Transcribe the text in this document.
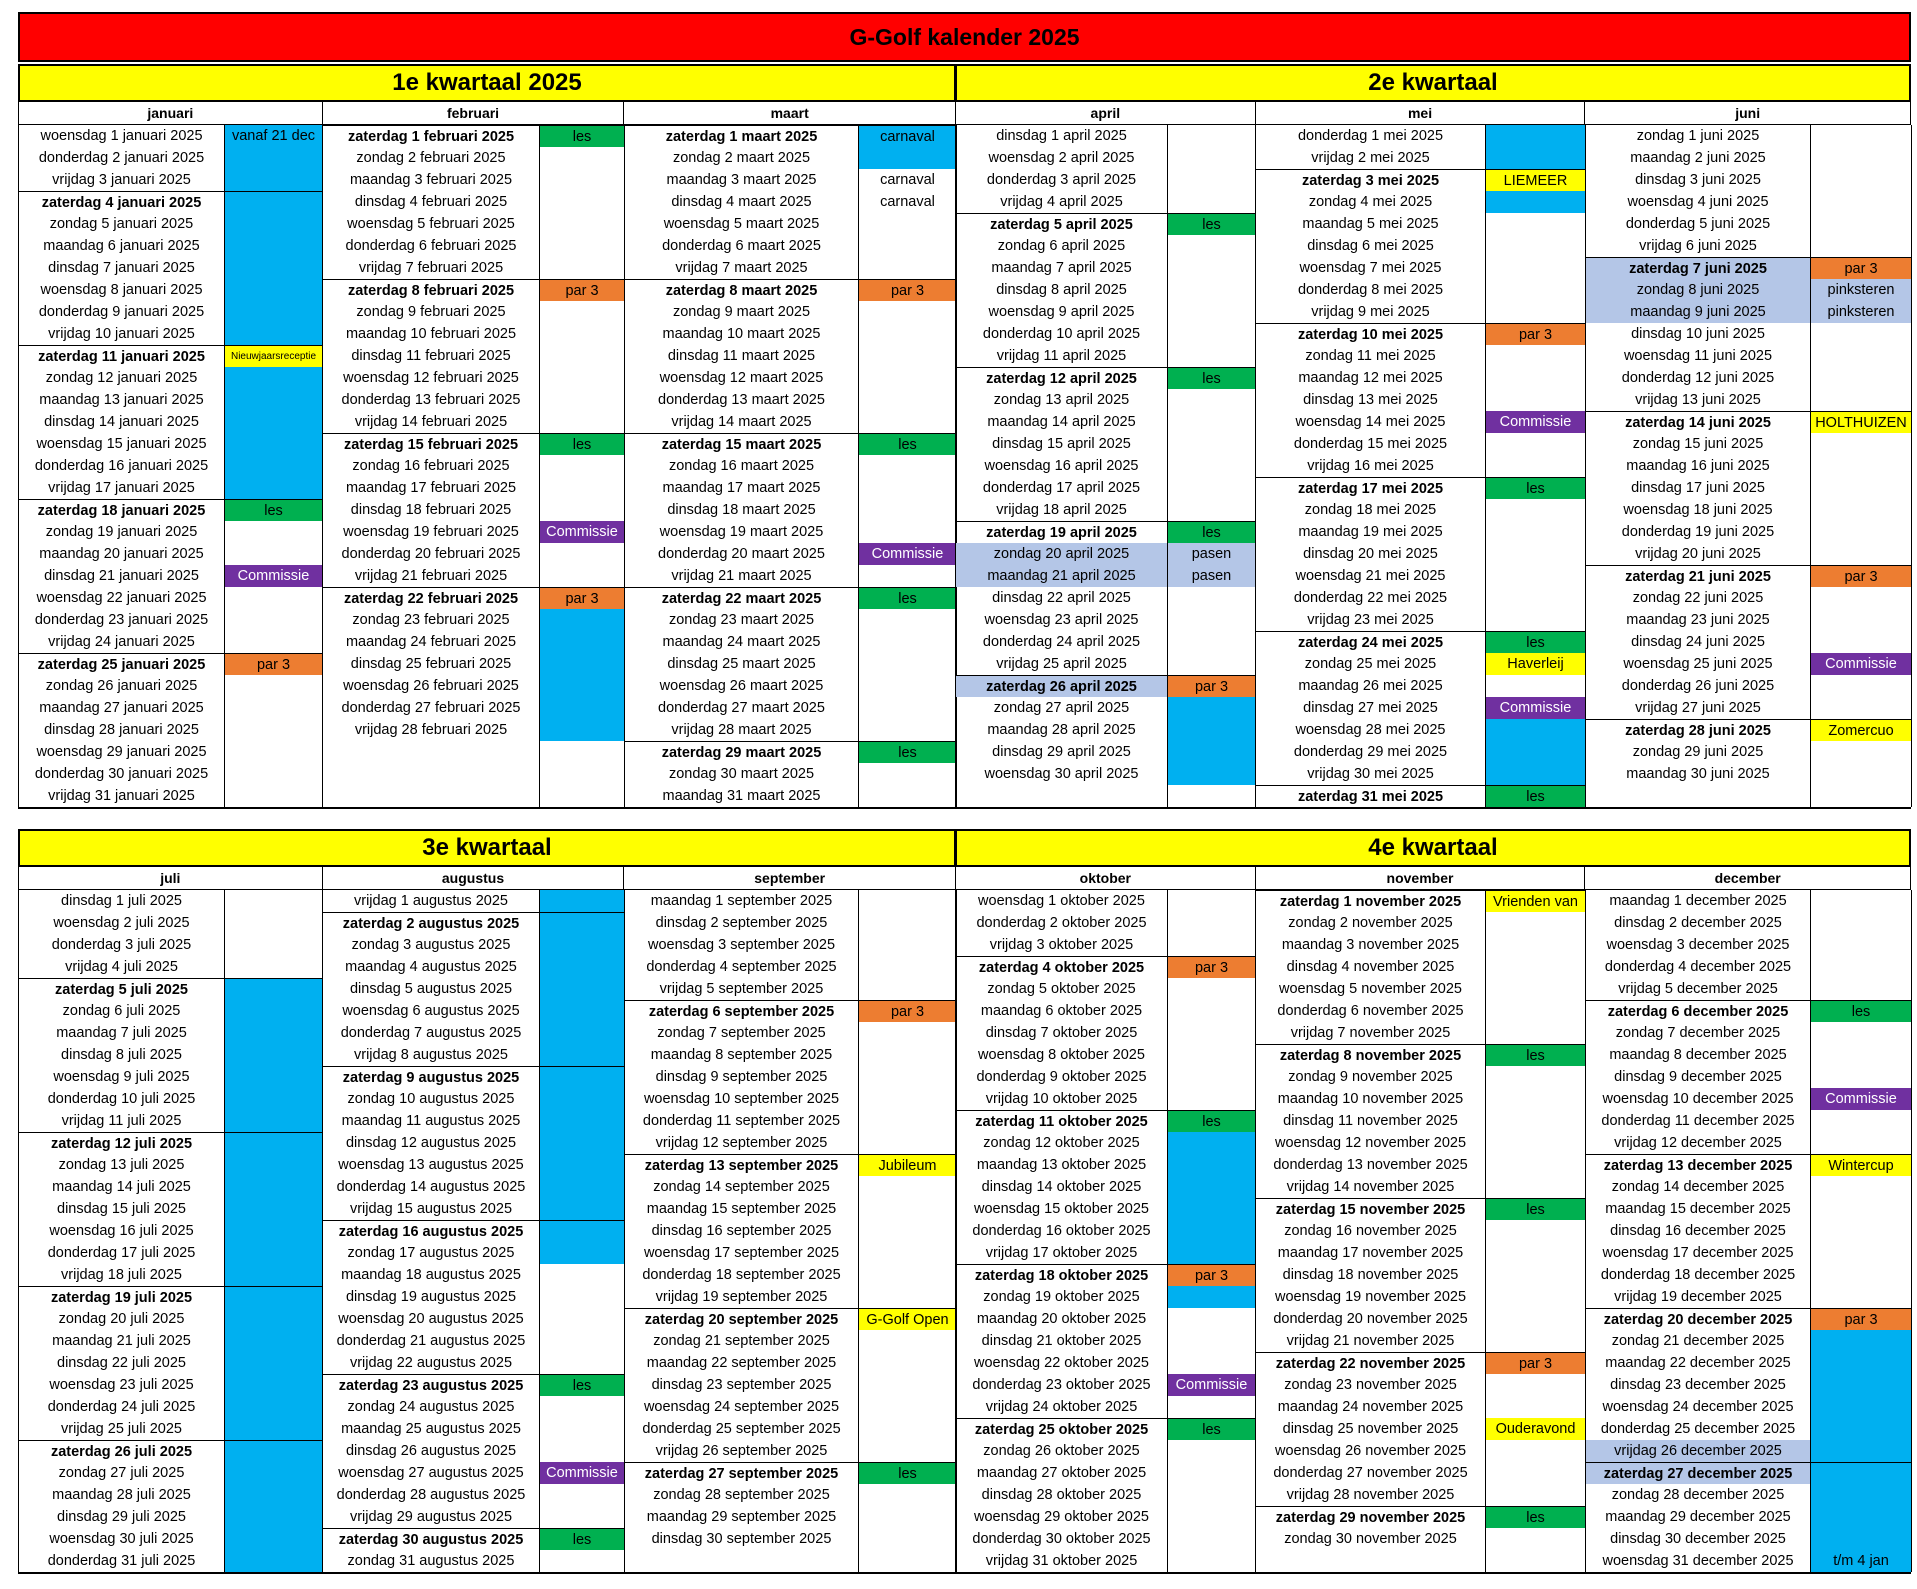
G-Golf kalender 2025
1e kwartaal 2025
januari	februari	maart
woensdag 1 januari 2025	vanaf 21 dec
donderdag 2 januari 2025
vrijdag 3 januari 2025
zaterdag 4 januari 2025
zondag 5 januari 2025
maandag 6 januari 2025
dinsdag 7 januari 2025
woensdag 8 januari 2025
donderdag 9 januari 2025
vrijdag 10 januari 2025
zaterdag 11 januari 2025	Nieuwjaarsreceptie
zondag 12 januari 2025
maandag 13 januari 2025
dinsdag 14 januari 2025
woensdag 15 januari 2025
donderdag 16 januari 2025
vrijdag 17 januari 2025
zaterdag 18 januari 2025	les
zondag 19 januari 2025
maandag 20 januari 2025
dinsdag 21 januari 2025	Commissie
woensdag 22 januari 2025
donderdag 23 januari 2025
vrijdag 24 januari 2025
zaterdag 25 januari 2025	par 3
zondag 26 januari 2025
maandag 27 januari 2025
dinsdag 28 januari 2025
woensdag 29 januari 2025
donderdag 30 januari 2025
vrijdag 31 januari 2025
zaterdag 1 februari 2025	les
zondag 2 februari 2025
maandag 3 februari 2025
dinsdag 4 februari 2025
woensdag 5 februari 2025
donderdag 6 februari 2025
vrijdag 7 februari 2025
zaterdag 8 februari 2025	par 3
zondag 9 februari 2025
maandag 10 februari 2025
dinsdag 11 februari 2025
woensdag 12 februari 2025
donderdag 13 februari 2025
vrijdag 14 februari 2025
zaterdag 15 februari 2025	les
zondag 16 februari 2025
maandag 17 februari 2025
dinsdag 18 februari 2025
woensdag 19 februari 2025	Commissie
donderdag 20 februari 2025
vrijdag 21 februari 2025
zaterdag 22 februari 2025	par 3
zondag 23 februari 2025
maandag 24 februari 2025
dinsdag 25 februari 2025
woensdag 26 februari 2025
donderdag 27 februari 2025
vrijdag 28 februari 2025
zaterdag 1 maart 2025	carnaval
zondag 2 maart 2025
maandag 3 maart 2025	carnaval
dinsdag 4 maart 2025	carnaval
woensdag 5 maart 2025
donderdag 6 maart 2025
vrijdag 7 maart 2025
zaterdag 8 maart 2025	par 3
zondag 9 maart 2025
maandag 10 maart 2025
dinsdag 11 maart 2025
woensdag 12 maart 2025
donderdag 13 maart 2025
vrijdag 14 maart 2025
zaterdag 15 maart 2025	les
zondag 16 maart 2025
maandag 17 maart 2025
dinsdag 18 maart 2025
woensdag 19 maart 2025
donderdag 20 maart 2025	Commissie
vrijdag 21 maart 2025
zaterdag 22 maart 2025	les
zondag 23 maart 2025
maandag 24 maart 2025
dinsdag 25 maart 2025
woensdag 26 maart 2025
donderdag 27 maart 2025
vrijdag 28 maart 2025
zaterdag 29 maart 2025	les
zondag 30 maart 2025
maandag 31 maart 2025
2e kwartaal
april	mei	juni
dinsdag 1 april 2025
woensdag 2 april 2025
donderdag 3 april 2025
vrijdag 4 april 2025
zaterdag 5 april 2025	les
zondag 6 april 2025
maandag 7 april 2025
dinsdag 8 april 2025
woensdag 9 april 2025
donderdag 10 april 2025
vrijdag 11 april 2025
zaterdag 12 april 2025	les
zondag 13 april 2025
maandag 14 april 2025
dinsdag 15 april 2025
woensdag 16 april 2025
donderdag 17 april 2025
vrijdag 18 april 2025
zaterdag 19 april 2025	les
zondag 20 april 2025	pasen
maandag 21 april 2025	pasen
dinsdag 22 april 2025
woensdag 23 april 2025
donderdag 24 april 2025
vrijdag 25 april 2025
zaterdag 26 april 2025	par 3
zondag 27 april 2025
maandag 28 april 2025
dinsdag 29 april 2025
woensdag 30 april 2025
donderdag 1 mei 2025
vrijdag 2 mei 2025
zaterdag 3 mei 2025	LIEMEER
zondag 4 mei 2025
maandag 5 mei 2025
dinsdag 6 mei 2025
woensdag 7 mei 2025
donderdag 8 mei 2025
vrijdag 9 mei 2025
zaterdag 10 mei 2025	par 3
zondag 11 mei 2025
maandag 12 mei 2025
dinsdag 13 mei 2025
woensdag 14 mei 2025	Commissie
donderdag 15 mei 2025
vrijdag 16 mei 2025
zaterdag 17 mei 2025	les
zondag 18 mei 2025
maandag 19 mei 2025
dinsdag 20 mei 2025
woensdag 21 mei 2025
donderdag 22 mei 2025
vrijdag 23 mei 2025
zaterdag 24 mei 2025	les
zondag 25 mei 2025	Haverleij
maandag 26 mei 2025
dinsdag 27 mei 2025	Commissie
woensdag 28 mei 2025
donderdag 29 mei 2025
vrijdag 30 mei 2025
zaterdag 31 mei 2025	les
zondag 1 juni 2025
maandag 2 juni 2025
dinsdag 3 juni 2025
woensdag 4 juni 2025
donderdag 5 juni 2025
vrijdag 6 juni 2025
zaterdag 7 juni 2025	par 3
zondag 8 juni 2025	pinksteren
maandag 9 juni 2025	pinksteren
dinsdag 10 juni 2025
woensdag 11 juni 2025
donderdag 12 juni 2025
vrijdag 13 juni 2025
zaterdag 14 juni 2025	HOLTHUIZEN
zondag 15 juni 2025
maandag 16 juni 2025
dinsdag 17 juni 2025
woensdag 18 juni 2025
donderdag 19 juni 2025
vrijdag 20 juni 2025
zaterdag 21 juni 2025	par 3
zondag 22 juni 2025
maandag 23 juni 2025
dinsdag 24 juni 2025
woensdag 25 juni 2025	Commissie
donderdag 26 juni 2025
vrijdag 27 juni 2025
zaterdag 28 juni 2025	Zomercuo
zondag 29 juni 2025
maandag 30 juni 2025
3e kwartaal
juli	augustus	september
dinsdag 1 juli 2025
woensdag 2 juli 2025
donderdag 3 juli 2025
vrijdag 4 juli 2025
zaterdag 5 juli 2025
zondag 6 juli 2025
maandag 7 juli 2025
dinsdag 8 juli 2025
woensdag 9 juli 2025
donderdag 10 juli 2025
vrijdag 11 juli 2025
zaterdag 12 juli 2025
zondag 13 juli 2025
maandag 14 juli 2025
dinsdag 15 juli 2025
woensdag 16 juli 2025
donderdag 17 juli 2025
vrijdag 18 juli 2025
zaterdag 19 juli 2025
zondag 20 juli 2025
maandag 21 juli 2025
dinsdag 22 juli 2025
woensdag 23 juli 2025
donderdag 24 juli 2025
vrijdag 25 juli 2025
zaterdag 26 juli 2025
zondag 27 juli 2025
maandag 28 juli 2025
dinsdag 29 juli 2025
woensdag 30 juli 2025
donderdag 31 juli 2025
vrijdag 1 augustus 2025
zaterdag 2 augustus 2025
zondag 3 augustus 2025
maandag 4 augustus 2025
dinsdag 5 augustus 2025
woensdag 6 augustus 2025
donderdag 7 augustus 2025
vrijdag 8 augustus 2025
zaterdag 9 augustus 2025
zondag 10 augustus 2025
maandag 11 augustus 2025
dinsdag 12 augustus 2025
woensdag 13 augustus 2025
donderdag 14 augustus 2025
vrijdag 15 augustus 2025
zaterdag 16 augustus 2025
zondag 17 augustus 2025
maandag 18 augustus 2025
dinsdag 19 augustus 2025
woensdag 20 augustus 2025
donderdag 21 augustus 2025
vrijdag 22 augustus 2025
zaterdag 23 augustus 2025	les
zondag 24 augustus 2025
maandag 25 augustus 2025
dinsdag 26 augustus 2025
woensdag 27 augustus 2025	Commissie
donderdag 28 augustus 2025
vrijdag 29 augustus 2025
zaterdag 30 augustus 2025	les
zondag 31 augustus 2025
maandag 1 september 2025
dinsdag 2 september 2025
woensdag 3 september 2025
donderdag 4 september 2025
vrijdag 5 september 2025
zaterdag 6 september 2025	par 3
zondag 7 september 2025
maandag 8 september 2025
dinsdag 9 september 2025
woensdag 10 september 2025
donderdag 11 september 2025
vrijdag 12 september 2025
zaterdag 13 september 2025	Jubileum
zondag 14 september 2025
maandag 15 september 2025
dinsdag 16 september 2025
woensdag 17 september 2025
donderdag 18 september 2025
vrijdag 19 september 2025
zaterdag 20 september 2025	G-Golf Open
zondag 21 september 2025
maandag 22 september 2025
dinsdag 23 september 2025
woensdag 24 september 2025
donderdag 25 september 2025
vrijdag 26 september 2025
zaterdag 27 september 2025	les
zondag 28 september 2025
maandag 29 september 2025
dinsdag 30 september 2025
4e kwartaal
oktober	november	december
woensdag 1 oktober 2025
donderdag 2 oktober 2025
vrijdag 3 oktober 2025
zaterdag 4 oktober 2025	par 3
zondag 5 oktober 2025
maandag 6 oktober 2025
dinsdag 7 oktober 2025
woensdag 8 oktober 2025
donderdag 9 oktober 2025
vrijdag 10 oktober 2025
zaterdag 11 oktober 2025	les
zondag 12 oktober 2025
maandag 13 oktober 2025
dinsdag 14 oktober 2025
woensdag 15 oktober 2025
donderdag 16 oktober 2025
vrijdag 17 oktober 2025
zaterdag 18 oktober 2025	par 3
zondag 19 oktober 2025
maandag 20 oktober 2025
dinsdag 21 oktober 2025
woensdag 22 oktober 2025
donderdag 23 oktober 2025	Commissie
vrijdag 24 oktober 2025
zaterdag 25 oktober 2025	les
zondag 26 oktober 2025
maandag 27 oktober 2025
dinsdag 28 oktober 2025
woensdag 29 oktober 2025
donderdag 30 oktober 2025
vrijdag 31 oktober 2025
zaterdag 1 november 2025	Vrienden van
zondag 2 november 2025
maandag 3 november 2025
dinsdag 4 november 2025
woensdag 5 november 2025
donderdag 6 november 2025
vrijdag 7 november 2025
zaterdag 8 november 2025	les
zondag 9 november 2025
maandag 10 november 2025
dinsdag 11 november 2025
woensdag 12 november 2025
donderdag 13 november 2025
vrijdag 14 november 2025
zaterdag 15 november 2025	les
zondag 16 november 2025
maandag 17 november 2025
dinsdag 18 november 2025
woensdag 19 november 2025
donderdag 20 november 2025
vrijdag 21 november 2025
zaterdag 22 november 2025	par 3
zondag 23 november 2025
maandag 24 november 2025
dinsdag 25 november 2025	Ouderavond
woensdag 26 november 2025
donderdag 27 november 2025
vrijdag 28 november 2025
zaterdag 29 november 2025	les
zondag 30 november 2025
maandag 1 december 2025
dinsdag 2 december 2025
woensdag 3 december 2025
donderdag 4 december 2025
vrijdag 5 december 2025
zaterdag 6 december 2025	les
zondag 7 december 2025
maandag 8 december 2025
dinsdag 9 december 2025
woensdag 10 december 2025	Commissie
donderdag 11 december 2025
vrijdag 12 december 2025
zaterdag 13 december 2025	Wintercup
zondag 14 december 2025
maandag 15 december 2025
dinsdag 16 december 2025
woensdag 17 december 2025
donderdag 18 december 2025
vrijdag 19 december 2025
zaterdag 20 december 2025	par 3
zondag 21 december 2025
maandag 22 december 2025
dinsdag 23 december 2025
woensdag 24 december 2025
donderdag 25 december 2025
vrijdag 26 december 2025
zaterdag 27 december 2025
zondag 28 december 2025
maandag 29 december 2025
dinsdag 30 december 2025
woensdag 31 december 2025	t/m 4 jan
